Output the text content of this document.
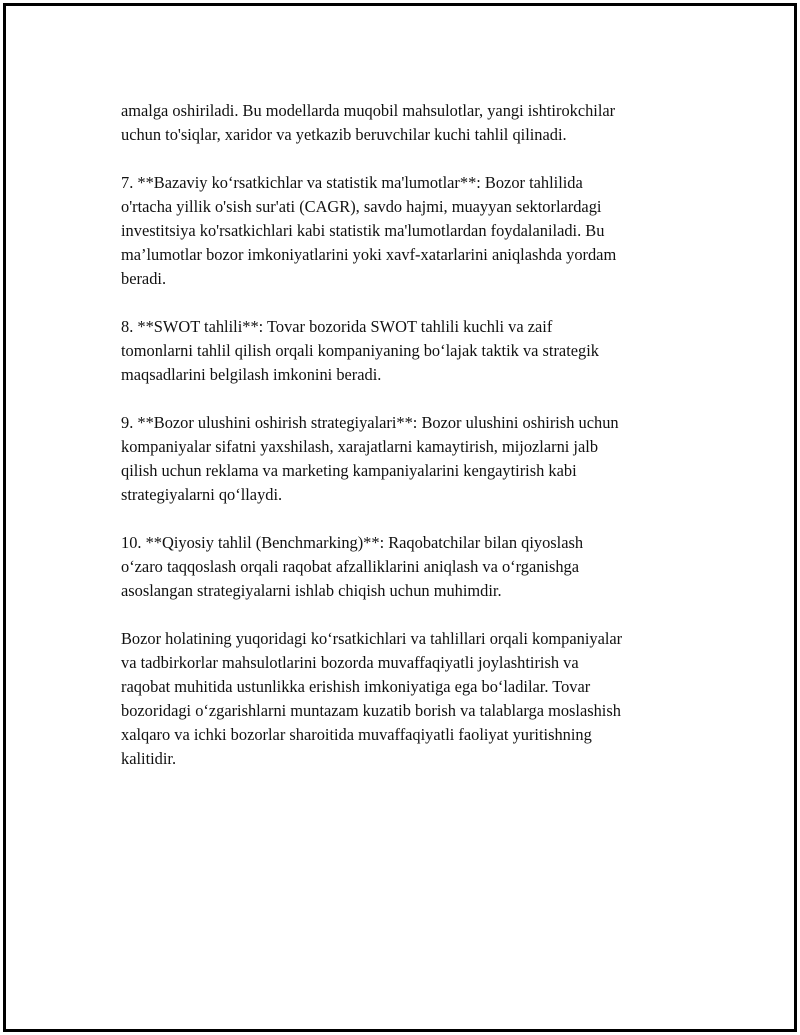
amalga oshiriladi. Bu modellarda muqobil mahsulotlar, yangi ishtirokchilar
uchun to'siqlar, xaridor va yetkazib beruvchilar kuchi tahlil qilinadi.

7. **Bazaviy ko‘rsatkichlar va statistik ma'lumotlar**: Bozor tahlilida
o'rtacha yillik o'sish sur'ati (CAGR), savdo hajmi, muayyan sektorlardagi
investitsiya ko'rsatkichlari kabi statistik ma'lumotlardan foydalaniladi. Bu
ma’lumotlar bozor imkoniyatlarini yoki xavf-xatarlarini aniqlashda yordam
beradi.

8. **SWOT tahlili**: Tovar bozorida SWOT tahlili kuchli va zaif
tomonlarni tahlil qilish orqali kompaniyaning bo‘lajak taktik va strategik
maqsadlarini belgilash imkonini beradi.

9. **Bozor ulushini oshirish strategiyalari**: Bozor ulushini oshirish uchun
kompaniyalar sifatni yaxshilash, xarajatlarni kamaytirish, mijozlarni jalb
qilish uchun reklama va marketing kampaniyalarini kengaytirish kabi
strategiyalarni qo‘llaydi.

10. **Qiyosiy tahlil (Benchmarking)**: Raqobatchilar bilan qiyoslash
o‘zaro taqqoslash orqali raqobat afzalliklarini aniqlash va o‘rganishga
asoslangan strategiyalarni ishlab chiqish uchun muhimdir.

Bozor holatining yuqoridagi ko‘rsatkichlari va tahlillari orqali kompaniyalar
va tadbirkorlar mahsulotlarini bozorda muvaffaqiyatli joylashtirish va
raqobat muhitida ustunlikka erishish imkoniyatiga ega bo‘ladilar. Tovar
bozoridagi o‘zgarishlarni muntazam kuzatib borish va talablarga moslashish
xalqaro va ichki bozorlar sharoitida muvaffaqiyatli faoliyat yuritishning
kalitidir.
